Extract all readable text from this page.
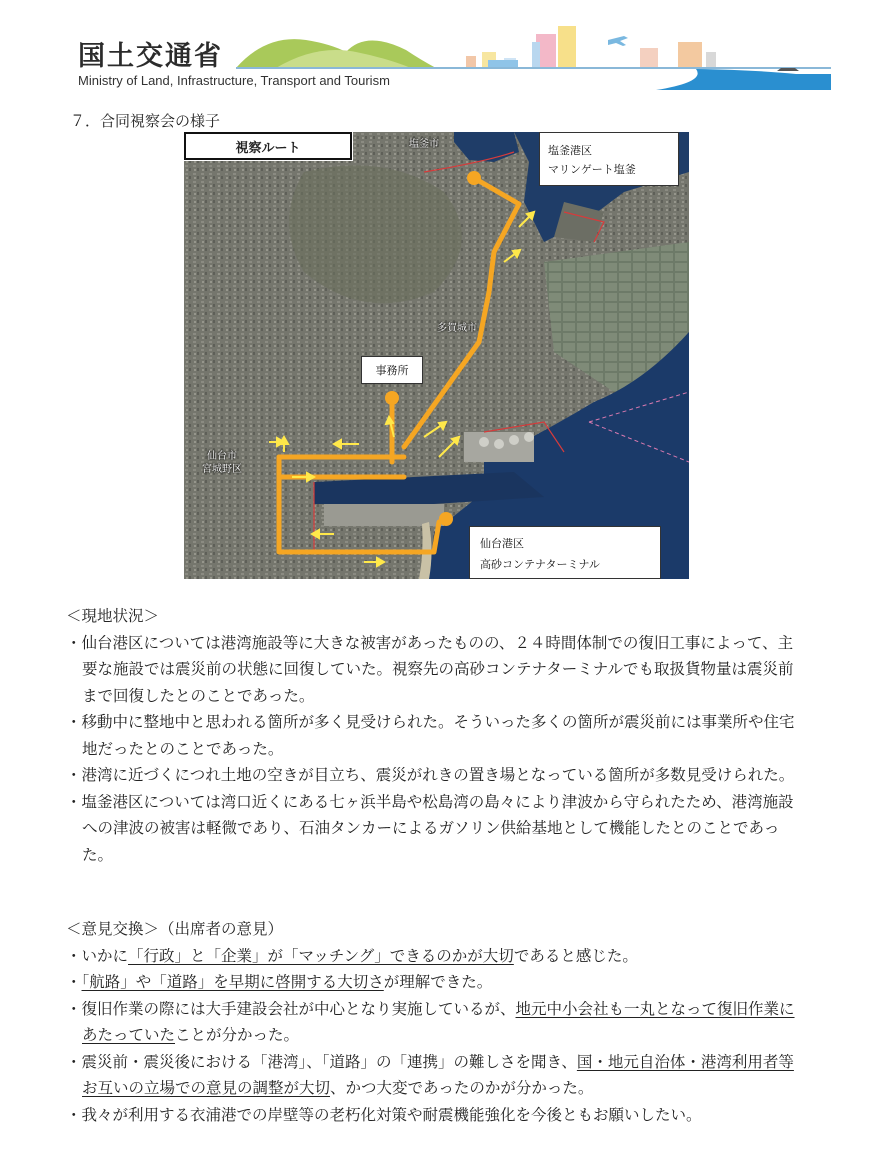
国土交通省
Ministry of Land, Infrastructure, Transport and Tourism
７．合同視察会の様子
視察ルート	塩釜市
多賀城市
仙台市
宮城野区
事務所
塩釜港区
マリンゲート塩釜
仙台港区
高砂コンテナターミナル

＜現地状況＞

・仙台港区については港湾施設等に大きな被害があったものの、２４時間体制での復旧工事によって、主要な施設では震災前の状態に回復していた。視察先の高砂コンテナターミナルでも取扱貨物量は震災前まで回復したとのことであった。

・移動中に整地中と思われる箇所が多く見受けられた。そういった多くの箇所が震災前には事業所や住宅地だったとのことであった。

・港湾に近づくにつれ土地の空きが目立ち、震災がれきの置き場となっている箇所が多数見受けられた。

・塩釜港区については湾口近くにある七ヶ浜半島や松島湾の島々により津波から守られたため、港湾施設への津波の被害は軽微であり、石油タンカーによるガソリン供給基地として機能したとのことであった。

＜意見交換＞（出席者の意見）

・いかに「行政」と「企業」が「マッチング」できるのかが大切であると感じた。

・「航路」や「道路」を早期に啓開する大切さが理解できた。

・復旧作業の際には大手建設会社が中心となり実施しているが、地元中小会社も一丸となって復旧作業にあたっていたことが分かった。

・震災前・震災後における「港湾」、「道路」の「連携」の難しさを聞き、国・地元自治体・港湾利用者等お互いの立場での意見の調整が大切、かつ大変であったのかが分かった。

・我々が利用する衣浦港での岸壁等の老朽化対策や耐震機能強化を今後ともお願いしたい。
